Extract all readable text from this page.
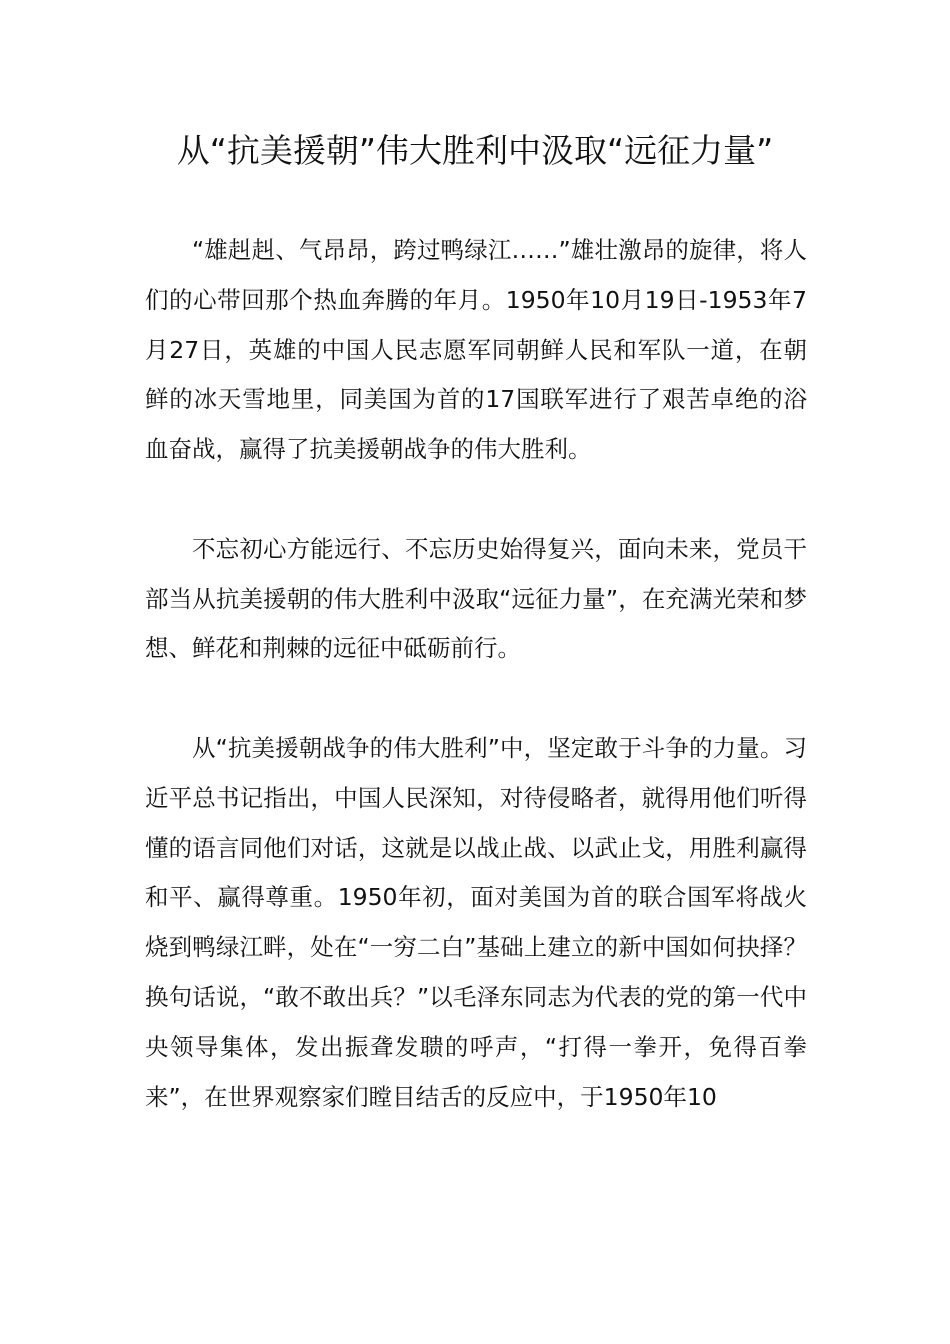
从“抗美援朝”伟大胜利中汲取“远征力量”

“雄赳赳、气昂昂，跨过鸭绿江……”雄壮激昂的旋律，将人们的心带回那个热血奔腾的年月。1950年10月19日-1953年7月27日，英雄的中国人民志愿军同朝鲜人民和军队一道，在朝鲜的冰天雪地里，同美国为首的17国联军进行了艰苦卓绝的浴血奋战，赢得了抗美援朝战争的伟大胜利。

不忘初心方能远行、不忘历史始得复兴，面向未来，党员干部当从抗美援朝的伟大胜利中汲取“远征力量”，在充满光荣和梦想、鲜花和荆棘的远征中砥砺前行。

从“抗美援朝战争的伟大胜利”中，坚定敢于斗争的力量。习近平总书记指出，中国人民深知，对待侵略者，就得用他们听得懂的语言同他们对话，这就是以战止战、以武止戈，用胜利赢得和平、赢得尊重。1950年初，面对美国为首的联合国军将战火烧到鸭绿江畔，处在“一穷二白”基础上建立的新中国如何抉择？换句话说，“敢不敢出兵？”以毛泽东同志为代表的党的第一代中央领导集体，发出振聋发聩的呼声，“打得一拳开，免得百拳来”，在世界观察家们瞠目结舌的反应中，于1950年10
